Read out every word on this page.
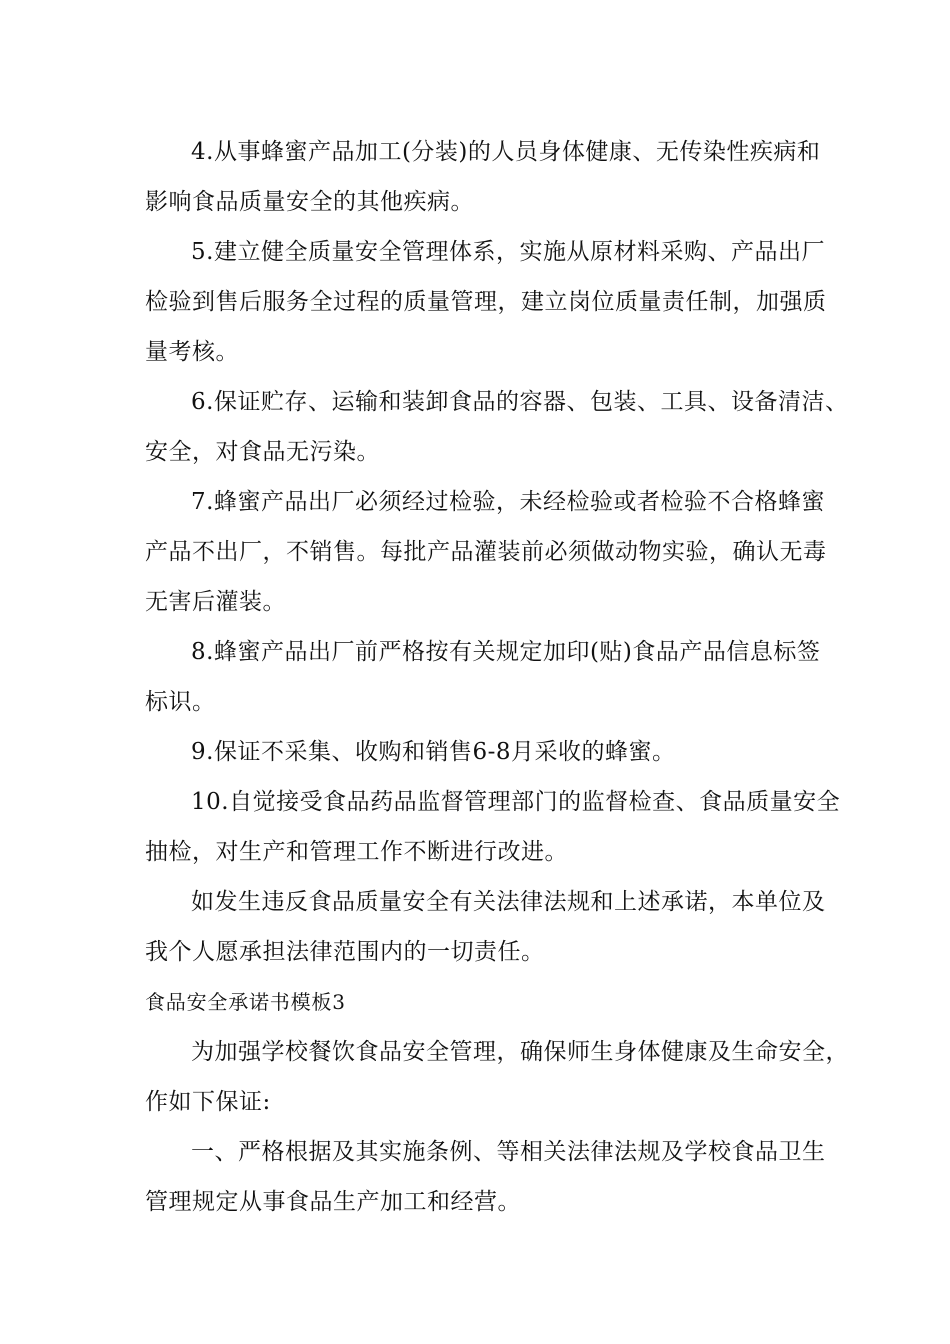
4.从事蜂蜜产品加工(分装)的人员身体健康、无传染性疾病和
影响食品质量安全的其他疾病。
5.建立健全质量安全管理体系，实施从原材料采购、产品出厂
检验到售后服务全过程的质量管理，建立岗位质量责任制，加强质
量考核。
6.保证贮存、运输和装卸食品的容器、包装、工具、设备清洁、
安全，对食品无污染。
7.蜂蜜产品出厂必须经过检验，未经检验或者检验不合格蜂蜜
产品不出厂，不销售。每批产品灌装前必须做动物实验，确认无毒
无害后灌装。
8.蜂蜜产品出厂前严格按有关规定加印(贴)食品产品信息标签
标识。
9.保证不采集、收购和销售6-8月采收的蜂蜜。
10.自觉接受食品药品监督管理部门的监督检查、食品质量安全
抽检，对生产和管理工作不断进行改进。
如发生违反食品质量安全有关法律法规和上述承诺，本单位及
我个人愿承担法律范围内的一切责任。
食品安全承诺书模板3
为加强学校餐饮食品安全管理，确保师生身体健康及生命安全，
作如下保证:
一、严格根据及其实施条例、等相关法律法规及学校食品卫生
管理规定从事食品生产加工和经营。
